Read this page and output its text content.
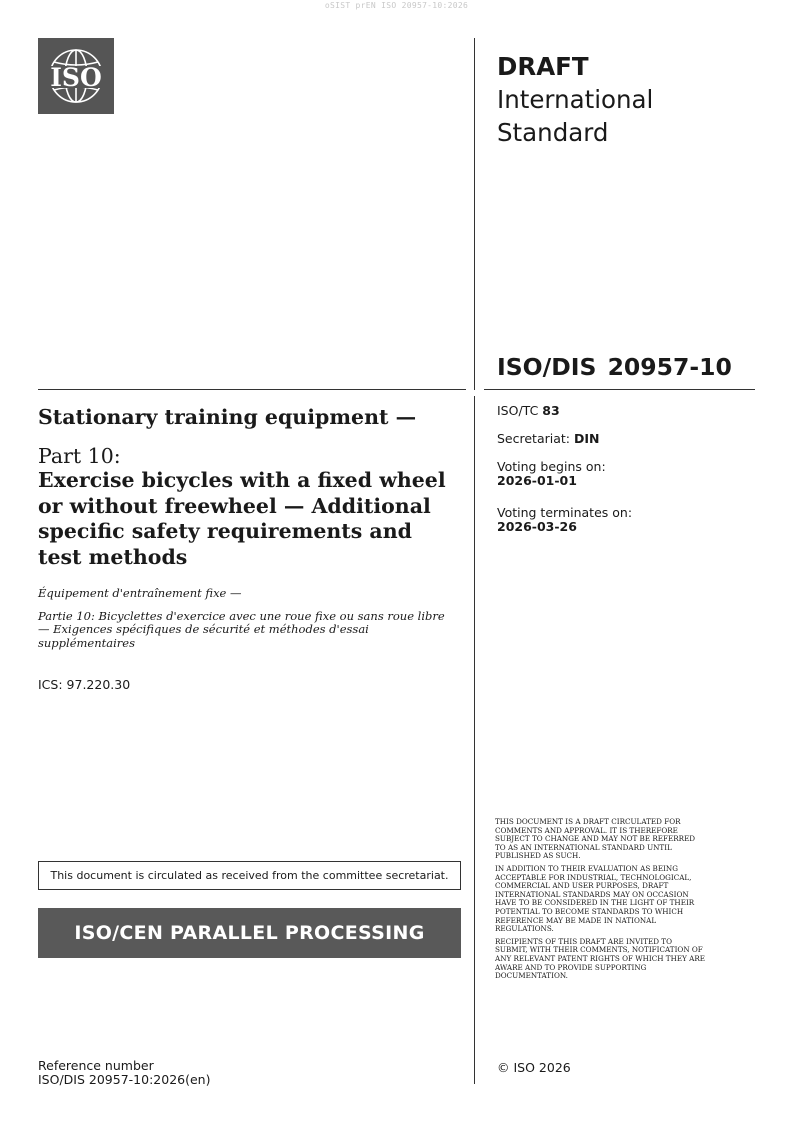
oSIST prEN ISO 20957-10:2026
ISO	DRAFT
International
Standard
ISO/DIS 20957-10
Stationary training equipment —
Part 10:
Exercise bicycles with a fixed wheel or without freewheel — Additional specific safety requirements and test methods
Équipement d'entraînement fixe —
Partie 10: Bicyclettes d'exercice avec une roue fixe ou sans roue libre — Exigences spécifiques de sécurité et méthodes d'essai supplémentaires
ICS: 97.220.30
ISO/TC 83
Secretariat: DIN
Voting begins on:
2026-01-01
Voting terminates on:
2026-03-26

THIS DOCUMENT IS A DRAFT CIRCULATED FOR COMMENTS AND APPROVAL. IT IS THEREFORE SUBJECT TO CHANGE AND MAY NOT BE REFERRED TO AS AN INTERNATIONAL STANDARD UNTIL PUBLISHED AS SUCH.

IN ADDITION TO THEIR EVALUATION AS BEING ACCEPTABLE FOR INDUSTRIAL, TECHNOLOGICAL, COMMERCIAL AND USER PURPOSES, DRAFT INTERNATIONAL STANDARDS MAY ON OCCASION HAVE TO BE CONSIDERED IN THE LIGHT OF THEIR POTENTIAL TO BECOME STANDARDS TO WHICH REFERENCE MAY BE MADE IN NATIONAL REGULATIONS.

RECIPIENTS OF THIS DRAFT ARE INVITED TO SUBMIT, WITH THEIR COMMENTS, NOTIFICATION OF ANY RELEVANT PATENT RIGHTS OF WHICH THEY ARE AWARE AND TO PROVIDE SUPPORTING DOCUMENTATION.

© ISO 2026
This document is circulated as received from the committee secretariat.
ISO/CEN PARALLEL PROCESSING
Reference number
ISO/DIS 20957-10:2026(en)
